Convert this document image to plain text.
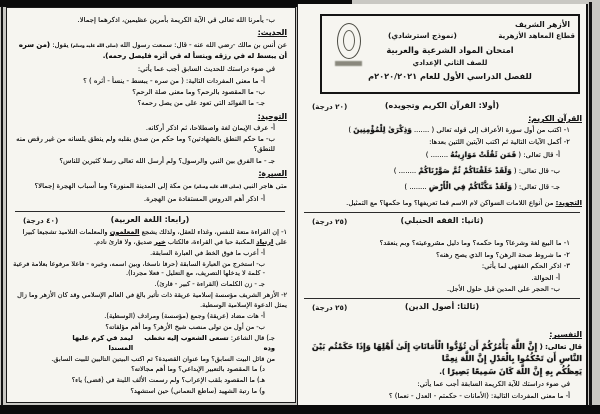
الأزهر الشريف
قطاع المعاهد الأزهرية
(نموذج استرشادي)
امتحان المواد الشرعية والعربية
للصف الثاني الإعدادي
للفصل الدراسي الأول للعام ٢٠٢٠/٢٠٢١م
(أولا: القرآن الكريم وتجويده)
(٢٠ درجة)
القرآن الكريم:
١- اكتب من أول سورة الأعراف إلى قوله تعالى ( ....... وَذِكْرَىٰ لِلْمُؤْمِنِينَ )
٢- أكمل الآيات التالية ثم اكتب الآيتين اللتين بعدها:
أ- قال تعالى: ( فَمَن ثَقُلَتْ مَوَازِينُهُ ........ )
ب- قال تعالى: ( وَلَقَدْ خَلَقْنَاكُمْ ثُمَّ صَوَّرْنَاكُمْ ........ )
جـ- قال تعالى: ( وَلَقَدْ مَكَّنَّاكُمْ فِي الْأَرْضِ ........ )
التجويد: من أنواع اللامات السواكن لام الاسم فما تعريفها؟ وما حكمها؟ مع التمثيل.
(ثانيا: الفقه الحنبلي)
(٢٥ درجة)
١- ما البيع لغة وشرعا؟ وما حكمه؟ وما دليل مشروعيته؟ وبم ينعقد؟
٢- ما شروط صحة الرهن؟ وما الذي يصح رهنه؟
٣- اذكر الحكم الفقهي لما يأتي:
أ- الحوالة.
ب- الحجر على المدين قبل حلول الأجل.
(ثالثا: أصول الدين)
(٢٥ درجة)
التفسير:
قال تعالى: ( إِنَّ اللَّهَ يَأْمُرُكُمْ أَن تُؤَدُّوا الْأَمَانَاتِ إِلَىٰ أَهْلِهَا وَإِذَا حَكَمْتُم بَيْنَ النَّاسِ أَن تَحْكُمُوا بِالْعَدْلِ إِنَّ اللَّهَ نِعِمَّا
يَعِظُكُم بِهِ إِنَّ اللَّهَ كَانَ سَمِيعًا بَصِيرًا ).
في ضوء دراستك للآية الكريمة السابقة أجب عما يأتي:
أ- ما معنى المفردات التالية: (الأمانات - حكمتم - العدل - نعما) ؟
ب- يأمرنا الله تعالى في الآية الكريمة بأمرين عظيمين، اذكرهما إجمالا.
الحديث:
عن أنس بن مالك -رضي الله عنه - قال: سمعت رسول الله (صلى الله عليه وسلم) يقول: (من سره أن يبسط له في رزقه وينسأ له في أثره فليصل رحمه).
في ضوء دراستك للحديث السابق أجب عما يأتي:
أ- ما معنى المفردات التالية: ( من سره - يبسط - ينسأ - أثره ) ؟
ب- ما المقصود بالرحم؟ وما معنى صلة الرحم؟
جـ- ما الفوائد التي تعود على من يصل رحمه؟
التوحيد:
أ- عرف الإيمان لغة واصطلاحا، ثم اذكر أركانه.
ب- ما حكم النطق بالشهادتين؟ وما حكم من صدق بقلبه ولم ينطق بلسانه من غير رفض منه للنطق؟
جـ - ما الفرق بين النبي والرسول؟ ولم أرسل الله تعالى رسلا كثيرين للناس؟
السيرة:
متى هاجر النبي (صلى الله عليه وسلم) من مكة إلى المدينة المنورة؟ وما أسباب الهجرة إجمالا؟
أ- اذكر أهم الدروس المستفادة من الهجرة.
(رابعا: اللغة العربية)
(٤٠ درجة)
١- إن القراءة متعة للنفس، وغذاء للعقل، ولذلك يشجع المعلمون والمعلمات التلاميذ تشجيعا كبيرا على ارتياد المكتبة حبا في القراءة، فالكتاب خير صديق، ولا قارئ نادم.
أ- أعرب ما فوق الخط في العبارة السابقة.
ب- استخرج من العبارة السابقة (حرفا ناسخا، وبين اسمه، وخبره - فاعلا مرفوعا بعلامة فرعية - كلمة لا يدخلها التصريف، مع التعليل - فعلا مجردا).
جـ - زن الكلمات (القراءة - كبير - قارئ).
٢- الأزهر الشريف مؤسسة إسلامية عريقة ذات تأثير بالغ في العالم الإسلامي وقد كان الأزهر وما زال يمثل الدعوة الإسلامية الوسطية.
أ- هات مضاد (عريقة) وجمع (مؤسسة) ومرادف (الوسطية).
ب- من أول من تولى منصب شيخ الأزهر؟ وما أهم مؤلفاته؟
جـ) قال الشاعر: تسعى الشعوب إليه تخطب وده
ليمد في كرم عليها المسندا
من قائل البيت السابق؟ وما عنوان القصيدة؟ ثم اكتب البيتين التاليين للبيت السابق.
د) ما المقصود بالتعبير الإبداعي؟ وما أهم مجالاته؟
هـ) ما المقصود بلقب الإعراب؟ ولم رسمت الألف اللينة في (قضى) ياء؟
و) ما رتبة الشهيد (ساطع النعماني) حين استشهد؟
